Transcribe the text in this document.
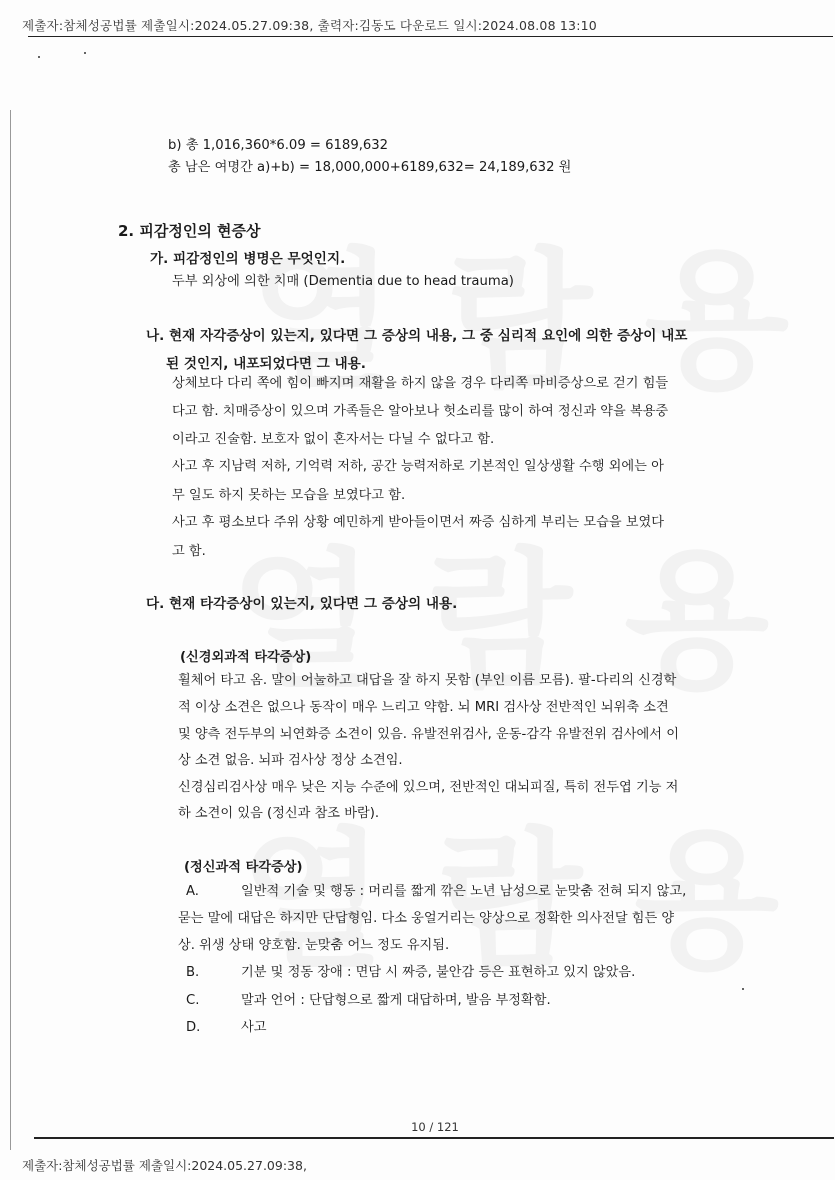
제출자:참체성공법률 제출일시:2024.05.27.09:38, 출력자:김동도 다운로드 일시:2024.08.08 13:10
b) 총 1,016,360*6.09 = 6189,632
총 남은 여명간 a)+b) = 18,000,000+6189,632= 24,189,632 원
2. 피감정인의 현증상
가. 피감정인의 병명은 무엇인지.
두부 외상에 의한 치매 (Dementia due to head trauma)
나. 현재 자각증상이 있는지, 있다면 그 증상의 내용, 그 중 심리적 요인에 의한 증상이 내포
된 것인지, 내포되었다면 그 내용.
상체보다 다리 쪽에 힘이 빠지며 재활을 하지 않을 경우 다리쪽 마비증상으로 걷기 힘들
다고 함. 치매증상이 있으며 가족들은 알아보나 헛소리를 많이 하여 정신과 약을 복용중
이라고 진술함. 보호자 없이 혼자서는 다닐 수 없다고 함.
사고 후 지남력 저하, 기억력 저하, 공간 능력저하로 기본적인 일상생활 수행 외에는 아
무 일도 하지 못하는 모습을 보였다고 함.
사고 후 평소보다 주위 상황 예민하게 받아들이면서 짜증 심하게 부리는 모습을 보였다
고 함.
다. 현재 타각증상이 있는지, 있다면 그 증상의 내용.
(신경외과적 타각증상)
휠체어 타고 옴. 말이 어눌하고 대답을 잘 하지 못함 (부인 이름 모름). 팔-다리의 신경학
적 이상 소견은 없으나 동작이 매우 느리고 약함. 뇌 MRI 검사상 전반적인 뇌위축 소견
및 양측 전두부의 뇌연화증 소견이 있음. 유발전위검사, 운동-감각 유발전위 검사에서 이
상 소견 없음. 뇌파 검사상 정상 소견임.
신경심리검사상 매우 낮은 지능 수준에 있으며, 전반적인 대뇌피질, 특히 전두엽 기능 저
하 소견이 있음 (정신과 참조 바람).
(정신과적 타각증상)
A.	일반적 기술 및 행동 : 머리를 짧게 깎은 노년 남성으로 눈맞춤 전혀 되지 않고,
묻는 말에 대답은 하지만 단답형임. 다소 웅얼거리는 양상으로 정확한 의사전달 힘든 양
상. 위생 상태 양호함. 눈맞춤 어느 정도 유지됨.
B.	기분 및 정동 장애 : 면담 시 짜증, 불안감 등은 표현하고 있지 않았음.
C.	말과 언어 : 단답형으로 짧게 대답하며, 발음 부정확함.
D.	사고
10 / 121
제출자:참체성공법률 제출일시:2024.05.27.09:38,
